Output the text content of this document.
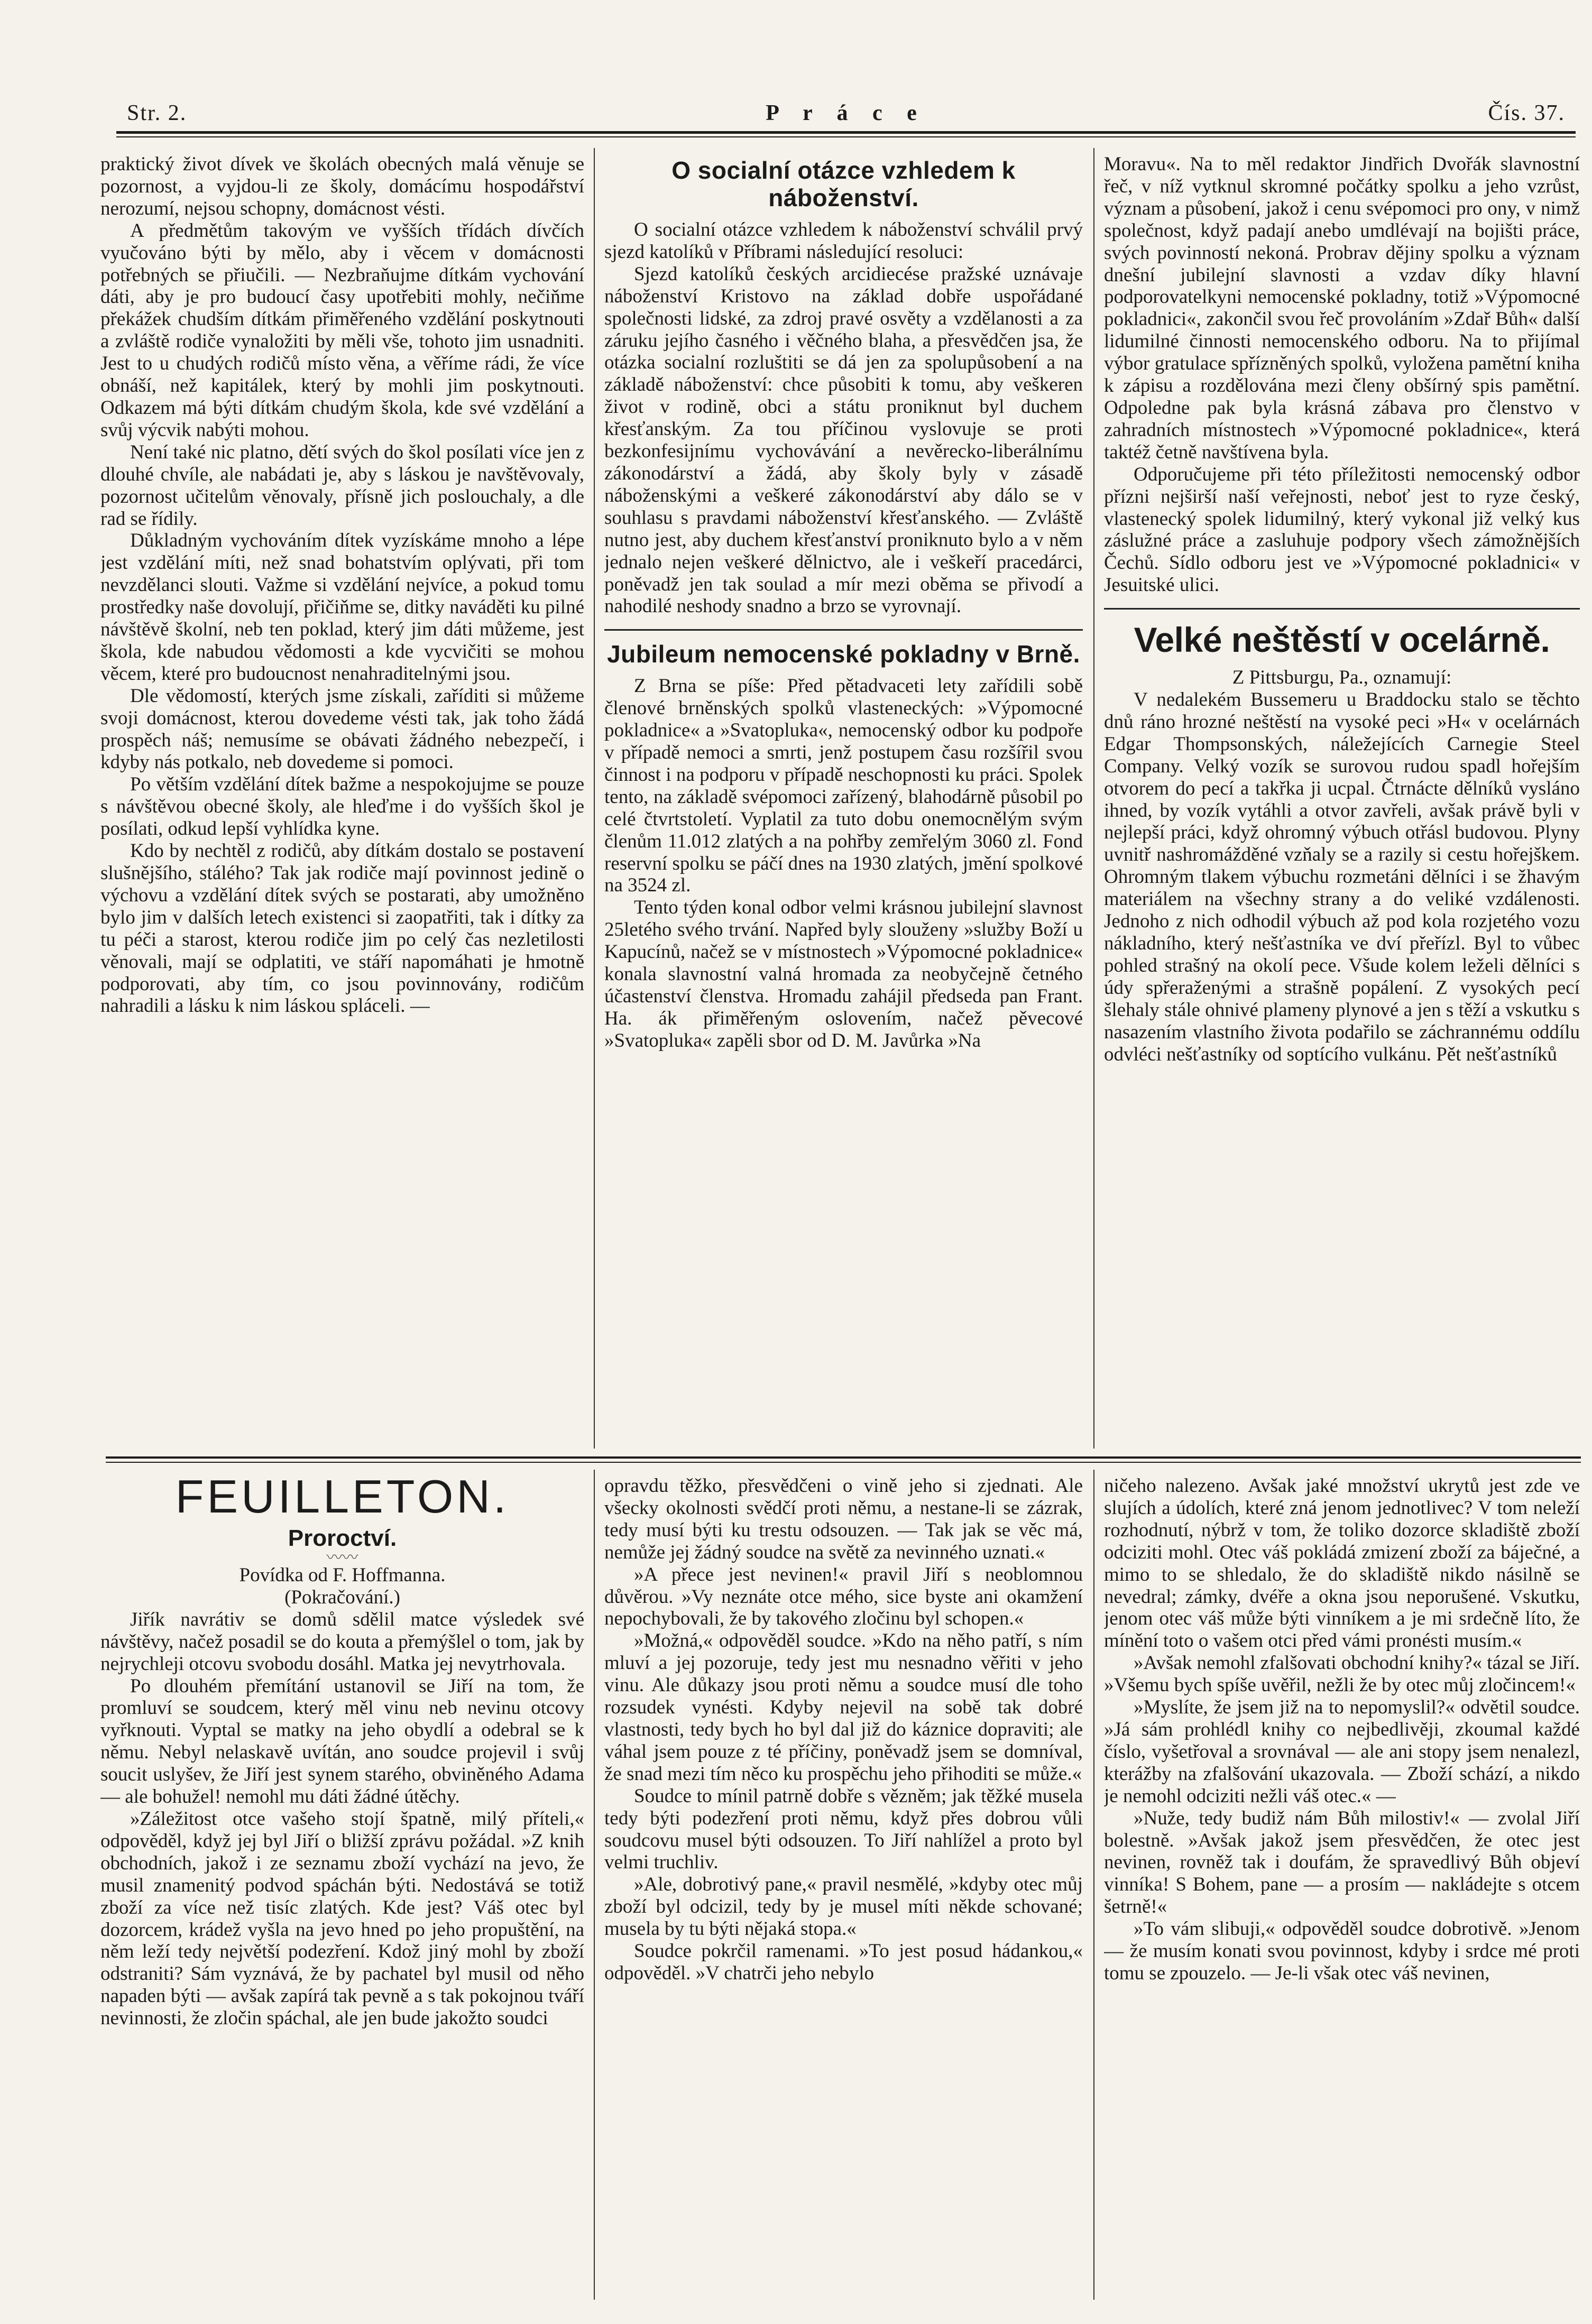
Str. 2.	P r á c e	Čís. 37.

praktický život dívek ve školách obecných malá věnuje se pozornost, a vyjdou-li ze školy, domácímu hospodářství nerozumí, nejsou schopny, domácnost vésti.

A předmětům takovým ve vyšších třídách dívčích vyučováno býti by mělo, aby i věcem v domácnosti potřebných se přiučili. — Nezbraňujme dítkám vychování dáti, aby je pro budoucí časy upotřebiti mohly, nečiňme překážek chudším dítkám přiměřeného vzdělání poskytnouti a zvláště rodiče vynaložiti by měli vše, tohoto jim usnadniti. Jest to u chudých rodičů místo věna, a věříme rádi, že více obnáší, než kapitálek, který by mohli jim poskytnouti. Odkazem má býti dítkám chudým škola, kde své vzdělání a svůj výcvik nabýti mohou.

Není také nic platno, dětí svých do škol posílati více jen z dlouhé chvíle, ale nabádati je, aby s láskou je navštěvovaly, pozornost učitelům věnovaly, přísně jich poslouchaly, a dle rad se řídily.

Důkladným vychováním dítek vyzískáme mnoho a lépe jest vzdělání míti, než snad bohatstvím oplývati, při tom nevzdělanci slouti. Važme si vzdělání nejvíce, a pokud tomu prostředky naše dovolují, přičiňme se, ditky naváděti ku pilné návštěvě školní, neb ten poklad, který jim dáti můžeme, jest škola, kde nabudou vědomosti a kde vycvičiti se mohou věcem, které pro budoucnost nenahraditelnými jsou.

Dle vědomostí, kterých jsme získali, zaříditi si můžeme svoji domácnost, kterou dovedeme vésti tak, jak toho žádá prospěch náš; nemusíme se obávati žádného nebezpečí, i kdyby nás potkalo, neb dovedeme si pomoci.

Po větším vzdělání dítek bažme a nespokojujme se pouze s návštěvou obecné školy, ale hleďme i do vyšších škol je posílati, odkud lepší vyhlídka kyne.

Kdo by nechtěl z rodičů, aby dítkám dostalo se postavení slušnějšího, stálého? Tak jak rodiče mají povinnost jedině o výchovu a vzdělání dítek svých se postarati, aby umožněno bylo jim v dalších letech existenci si zaopatřiti, tak i dítky za tu péči a starost, kterou rodiče jim po celý čas nezletilosti věnovali, mají se odplatiti, ve stáří napomáhati je hmotně podporovati, aby tím, co jsou povinnovány, rodičům nahradili a lásku k nim láskou spláceli. —

O socialní otázce vzhledem k náboženství.

O socialní otázce vzhledem k náboženství schválil prvý sjezd katolíků v Příbrami následující resoluci:

Sjezd katolíků českých arcidiecése pražské uznávaje náboženství Kristovo na základ dobře uspořádané společnosti lidské, za zdroj pravé osvěty a vzdělanosti a za záruku jejího časného i věčného blaha, a přesvědčen jsa, že otázka socialní rozluštiti se dá jen za spolupůsobení a na základě náboženství: chce působiti k tomu, aby veškeren život v rodině, obci a státu proniknut byl duchem křesťanským. Za tou příčinou vyslovuje se proti bezkonfesijnímu vychovávání a nevěrecko-liberálnímu zákonodárství a žádá, aby školy byly v zásadě náboženskými a veškeré zákonodárství aby dálo se v souhlasu s pravdami náboženství křesťanského. — Zvláště nutno jest, aby duchem křesťanství proniknuto bylo a v něm jednalo nejen veškeré dělnictvo, ale i veškeří pracedárci, poněvadž jen tak soulad a mír mezi oběma se přivodí a nahodilé neshody snadno a brzo se vyrovnají.

Jubileum nemocenské pokladny v Brně.

Z Brna se píše: Před pětadvaceti lety zařídili sobě členové brněnských spolků vlasteneckých: »Výpomocné pokladnice« a »Svatopluka«, nemocenský odbor ku podpoře v případě nemoci a smrti, jenž postupem času rozšířil svou činnost i na podporu v případě neschopnosti ku práci. Spolek tento, na základě svépomoci zařízený, blahodárně působil po celé čtvrtstoletí. Vyplatil za tuto dobu onemocnělým svým členům 11.012 zlatých a na pohřby zemřelým 3060 zl. Fond reservní spolku se páčí dnes na 1930 zlatých, jmění spolkové na 3524 zl.

Tento týden konal odbor velmi krásnou jubilejní slavnost 25letého svého trvání. Napřed byly slouženy »služby Boží u Kapucínů, načež se v místnostech »Výpomocné pokladnice« konala slavnostní valná hromada za neobyčejně četného účastenství členstva. Hromadu zahájil předseda pan Frant. Ha. ák přiměřeným oslovením, načež pěvecové »Svatopluka« zapěli sbor od D. M. Javůrka »Na

Moravu«. Na to měl redaktor Jindřich Dvořák slavnostní řeč, v níž vytknul skromné počátky spolku a jeho vzrůst, význam a působení, jakož i cenu svépomoci pro ony, v nimž společnost, když padají anebo umdlévají na bojišti práce, svých povinností nekoná. Probrav dějiny spolku a význam dnešní jubilejní slavnosti a vzdav díky hlavní podporovatelkyni nemocenské pokladny, totiž »Výpomocné pokladnici«, zakončil svou řeč provoláním »Zdař Bůh« další lidumilné činnosti nemocenského odboru. Na to přijímal výbor gratulace spřízněných spolků, vyložena pamětní kniha k zápisu a rozdělována mezi členy obšírný spis pamětní. Odpoledne pak byla krásná zábava pro členstvo v zahradních místnostech »Výpomocné pokladnice«, která taktéž četně navštívena byla.

Odporučujeme při této příležitosti nemocenský odbor přízni nejširší naší veřejnosti, neboť jest to ryze český, vlastenecký spolek lidumilný, který vykonal již velký kus záslužné práce a zasluhuje podpory všech zámožnějších Čechů. Sídlo odboru jest ve »Výpomocné pokladnici« v Jesuitské ulici.

Velké neštěstí v ocelárně.

Z Pittsburgu, Pa., oznamují:

V nedalekém Bussemeru u Braddocku stalo se těchto dnů ráno hrozné neštěstí na vysoké peci »H« v ocelárnách Edgar Thompsonských, náležejících Carnegie Steel Company. Velký vozík se surovou rudou spadl hořejším otvorem do pecí a takřka ji ucpal. Čtrnácte dělníků vysláno ihned, by vozík vytáhli a otvor zavřeli, avšak právě byli v nejlepší práci, když ohromný výbuch otřásl budovou. Plyny uvnitř nashromážděné vzňaly se a razily si cestu hořejškem. Ohromným tlakem výbuchu rozmetáni dělníci i se žhavým materiálem na všechny strany a do veliké vzdálenosti. Jednoho z nich odhodil výbuch až pod kola rozjetého vozu nákladního, který nešťastníka ve dví přeřízl. Byl to vůbec pohled strašný na okolí pece. Všude kolem leželi dělníci s údy spřeraženými a strašně popálení. Z vysokých pecí šlehaly stále ohnivé plameny plynové a jen s těží a vskutku s nasazením vlastního života podařilo se záchrannému oddílu odvléci nešťastníky od soptícího vulkánu. Pět nešťastníků

FEUILLETON.
Proroctví.
〰〰

Povídka od F. Hoffmanna.

(Pokračování.)

Jiřík navrátiv se domů sdělil matce výsledek své návštěvy, načež posadil se do kouta a přemýšlel o tom, jak by nejrychleji otcovu svobodu dosáhl. Matka jej nevytrhovala.

Po dlouhém přemítání ustanovil se Jiří na tom, že promluví se soudcem, který měl vinu neb nevinu otcovy vyřknouti. Vyptal se matky na jeho obydlí a odebral se k němu. Nebyl nelaskavě uvítán, ano soudce projevil i svůj soucit uslyšev, že Jiří jest synem starého, obviněného Adama — ale bohužel! nemohl mu dáti žádné útěchy.

»Záležitost otce vašeho stojí špatně, milý příteli,« odpověděl, když jej byl Jiří o bližší zprávu požádal. »Z knih obchodních, jakož i ze seznamu zboží vychází na jevo, že musil znamenitý podvod spáchán býti. Nedostává se totiž zboží za více než tisíc zlatých. Kde jest? Váš otec byl dozorcem, krádež vyšla na jevo hned po jeho propuštění, na něm leží tedy největší podezření. Kdož jiný mohl by zboží odstraniti? Sám vyznává, že by pachatel byl musil od něho napaden býti — avšak zapírá tak pevně a s tak pokojnou tváří nevinnosti, že zločin spáchal, ale jen bude jakožto soudci

opravdu těžko, přesvědčeni o vině jeho si zjednati. Ale všecky okolnosti svědčí proti němu, a nestane-li se zázrak, tedy musí býti ku trestu odsouzen. — Tak jak se věc má, nemůže jej žádný soudce na světě za nevinného uznati.«

»A přece jest nevinen!« pravil Jiří s neoblomnou důvěrou. »Vy neznáte otce mého, sice byste ani okamžení nepochybovali, že by takového zločinu byl schopen.«

»Možná,« odpověděl soudce. »Kdo na něho patří, s ním mluví a jej pozoruje, tedy jest mu nesnadno věřiti v jeho vinu. Ale důkazy jsou proti němu a soudce musí dle toho rozsudek vynésti. Kdyby nejevil na sobě tak dobré vlastnosti, tedy bych ho byl dal již do káznice dopraviti; ale váhal jsem pouze z té příčiny, poněvadž jsem se domníval, že snad mezi tím něco ku prospěchu jeho přihoditi se může.«

Soudce to mínil patrně dobře s vězněm; jak těžké musela tedy býti podezření proti němu, když přes dobrou vůli soudcovu musel býti odsouzen. To Jiří nahlížel a proto byl velmi truchliv.

»Ale, dobrotivý pane,« pravil nesmělé, »kdyby otec můj zboží byl odcizil, tedy by je musel míti někde schované; musela by tu býti nějaká stopa.«

Soudce pokrčil ramenami. »To jest posud hádankou,« odpověděl. »V chatrči jeho nebylo

ničeho nalezeno. Avšak jaké množství ukrytů jest zde ve slujích a údolích, které zná jenom jednotlivec? V tom neleží rozhodnutí, nýbrž v tom, že toliko dozorce skladiště zboží odciziti mohl. Otec váš pokládá zmizení zboží za báječné, a mimo to se shledalo, že do skladiště nikdo násilně se nevedral; zámky, dvéře a okna jsou neporušené. Vskutku, jenom otec váš může býti vinníkem a je mi srdečně líto, že mínění toto o vašem otci před vámi pronésti musím.«

»Avšak nemohl zfalšovati obchodní knihy?« tázal se Jiří. »Všemu bych spíše uvěřil, nežli že by otec můj zločincem!«

»Myslíte, že jsem již na to nepomyslil?« odvětil soudce. »Já sám prohlédl knihy co nejbedlivěji, zkoumal každé číslo, vyšetřoval a srovnával — ale ani stopy jsem nenalezl, kterážby na zfalšování ukazovala. — Zboží schází, a nikdo je nemohl odciziti nežli váš otec.« —

»Nuže, tedy budiž nám Bůh milostiv!« — zvolal Jiří bolestně. »Avšak jakož jsem přesvědčen, že otec jest nevinen, rovněž tak i doufám, že spravedlivý Bůh objeví vinníka! S Bohem, pane — a prosím — nakládejte s otcem šetrně!«

»To vám slibuji,« odpověděl soudce dobrotivě. »Jenom — že musím konati svou povinnost, kdyby i srdce mé proti tomu se zpouzelo. — Je-li však otec váš nevinen,
